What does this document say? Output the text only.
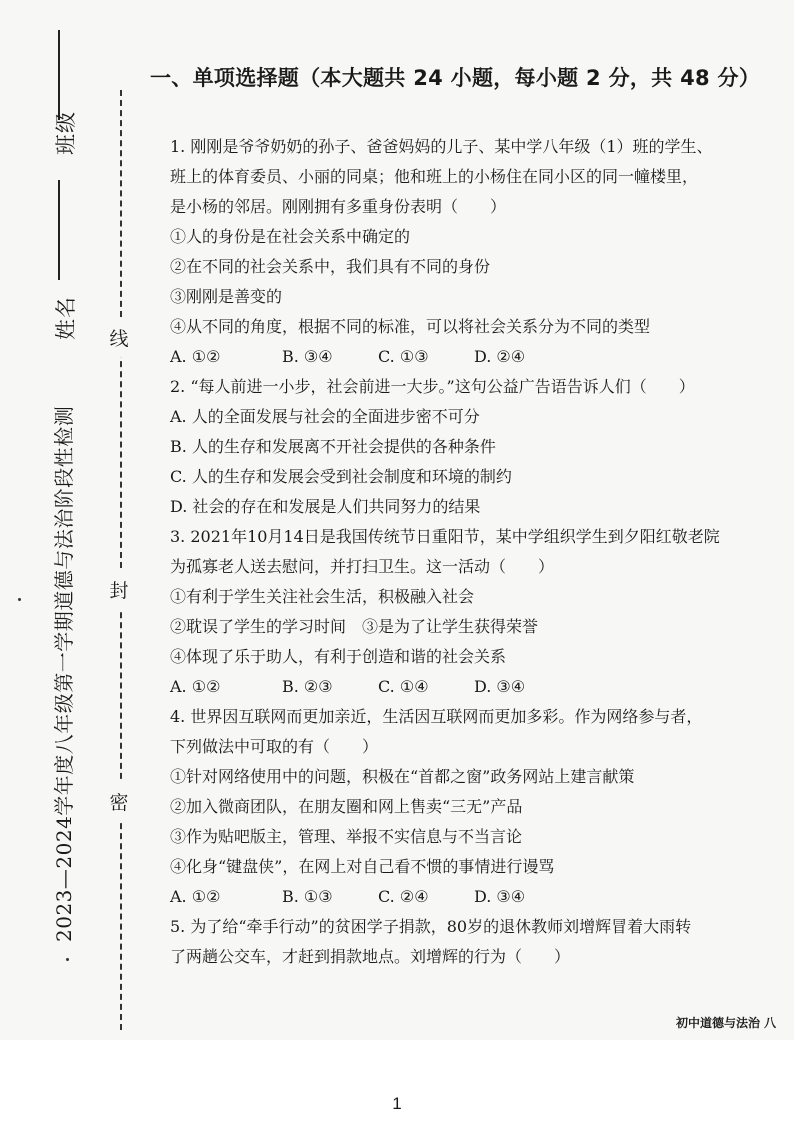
班级
姓名
2023—2024学年度八年级第一学期道德与法治阶段性检测
线
封
密
一、单项选择题（本大题共 24 小题，每小题 2 分，共 48 分）
1. 刚刚是爷爷奶奶的孙子、爸爸妈妈的儿子、某中学八年级（1）班的学生、
班上的体育委员、小丽的同桌；他和班上的小杨住在同小区的同一幢楼里，
是小杨的邻居。刚刚拥有多重身份表明（　　）
①人的身份是在社会关系中确定的
②在不同的社会关系中，我们具有不同的身份
③刚刚是善变的
④从不同的角度，根据不同的标准，可以将社会关系分为不同的类型
A. ①②	B. ③④	C. ①③	D. ②④
2. “每人前进一小步，社会前进一大步。”这句公益广告语告诉人们（　　）
A. 人的全面发展与社会的全面进步密不可分
B. 人的生存和发展离不开社会提供的各种条件
C. 人的生存和发展会受到社会制度和环境的制约
D. 社会的存在和发展是人们共同努力的结果
3. 2021年10月14日是我国传统节日重阳节，某中学组织学生到夕阳红敬老院
为孤寡老人送去慰问，并打扫卫生。这一活动（　　）
①有利于学生关注社会生活，积极融入社会
②耽误了学生的学习时间　③是为了让学生获得荣誉
④体现了乐于助人，有利于创造和谐的社会关系
A. ①②	B. ②③	C. ①④	D. ③④
4. 世界因互联网而更加亲近，生活因互联网而更加多彩。作为网络参与者，
下列做法中可取的有（　　）
①针对网络使用中的问题，积极在“首都之窗”政务网站上建言献策
②加入微商团队，在朋友圈和网上售卖“三无”产品
③作为贴吧版主，管理、举报不实信息与不当言论
④化身“键盘侠”，在网上对自己看不惯的事情进行谩骂
A. ①②	B. ①③	C. ②④	D. ③④
5. 为了给“牵手行动”的贫困学子捐款，80岁的退休教师刘增辉冒着大雨转
了两趟公交车，才赶到捐款地点。刘增辉的行为（　　）
初中道德与法治 八
1
